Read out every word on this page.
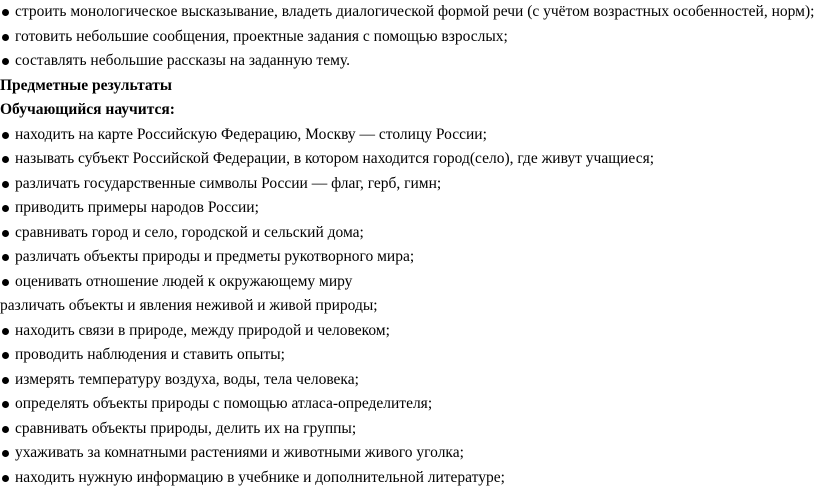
строить монологическое высказывание, владеть диалогической формой речи (с учётом возрастных особенностей, норм);
готовить небольшие сообщения, проектные задания с помощью взрослых;
составлять небольшие рассказы на заданную тему.
Предметные результаты
Обучающийся научится:
находить на карте Российскую Федерацию, Москву — столицу России;
называть субъект Российской Федерации, в котором находится город(село), где живут учащиеся;
различать государственные символы России — флаг, герб, гимн;
приводить примеры народов России;
сравнивать город и село, городской и сельский дома;
различать объекты природы и предметы рукотворного мира;
оценивать отношение людей к окружающему миру
различать объекты и явления неживой и живой природы;
находить связи в природе, между природой и человеком;
проводить наблюдения и ставить опыты;
измерять температуру воздуха, воды, тела человека;
определять объекты природы с помощью атласа-определителя;
сравнивать объекты природы, делить их на группы;
ухаживать за комнатными растениями и животными живого уголка;
находить нужную информацию в учебнике и дополнительной литературе;
